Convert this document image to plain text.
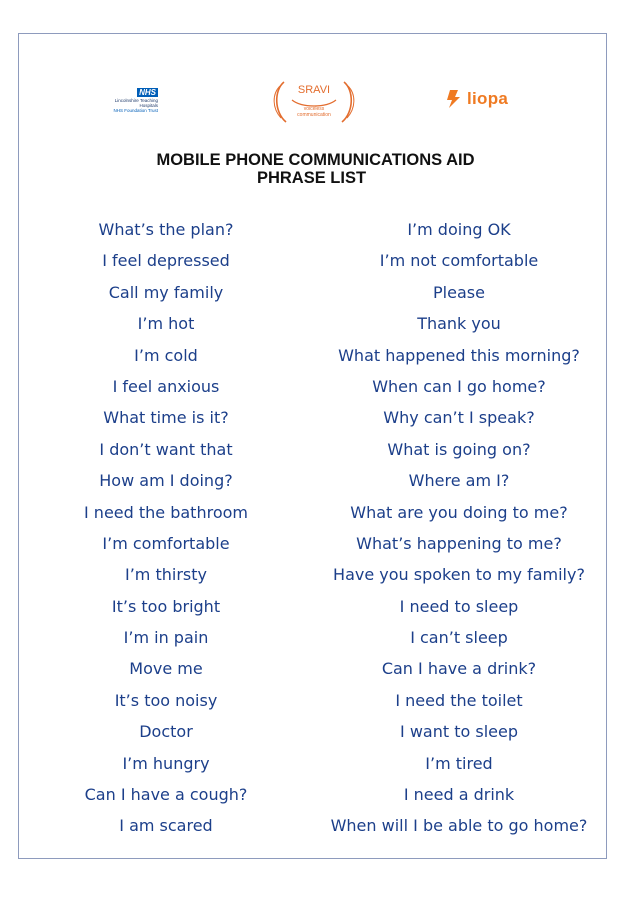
NHS
Lincolnshire Teaching
Hospitals
NHS Foundation Trust
SRAVI
voiceless
communication
liopa
MOBILE PHONE COMMUNICATIONS AID
PHRASE LIST
What’s the plan?
I feel depressed
Call my family
I’m hot
I’m cold
I feel anxious
What time is it?
I don’t want that
How am I doing?
I need the bathroom
I’m comfortable
I’m thirsty
It’s too bright
I’m in pain
Move me
It’s too noisy
Doctor
I’m hungry
Can I have a cough?
I am scared
I’m doing OK
I’m not comfortable
Please
Thank you
What happened this morning?
When can I go home?
Why can’t I speak?
What is going on?
Where am I?
What are you doing to me?
What’s happening to me?
Have you spoken to my family?
I need to sleep
I can’t sleep
Can I have a drink?
I need the toilet
I want to sleep
I’m tired
I need a drink
When will I be able to go home?
